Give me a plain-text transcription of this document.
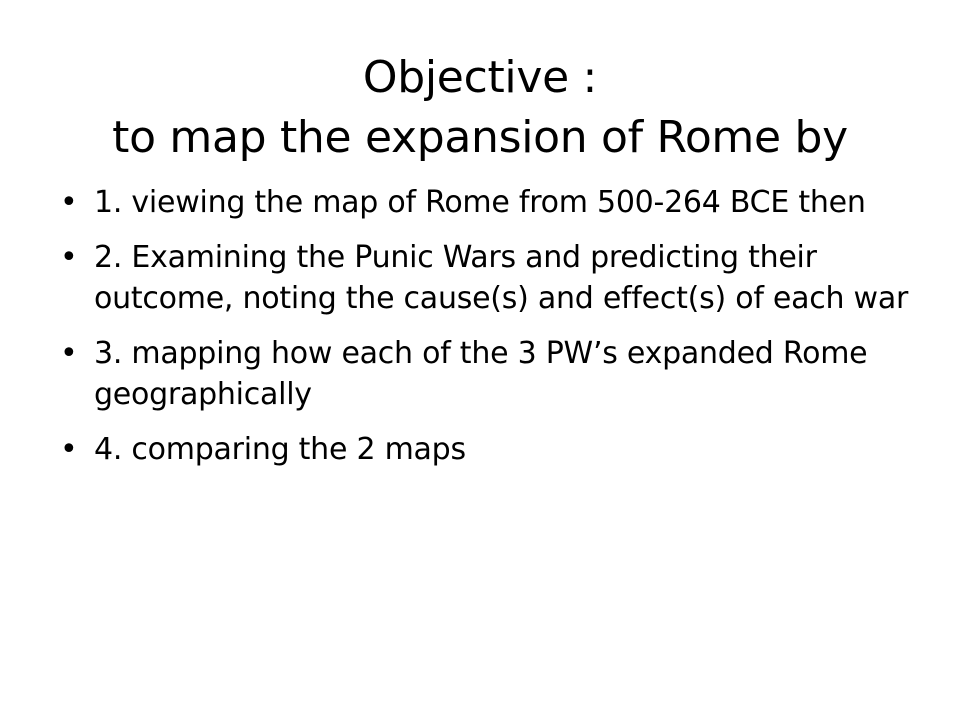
Objective :
to map the expansion of Rome by
• 1. viewing the map of Rome from 500-264 BCE then
• 2. Examining the Punic Wars and predicting their outcome, noting the cause(s) and effect(s) of each war
• 3. mapping how each of the 3 PW’s expanded Rome geographically
• 4. comparing the 2 maps
